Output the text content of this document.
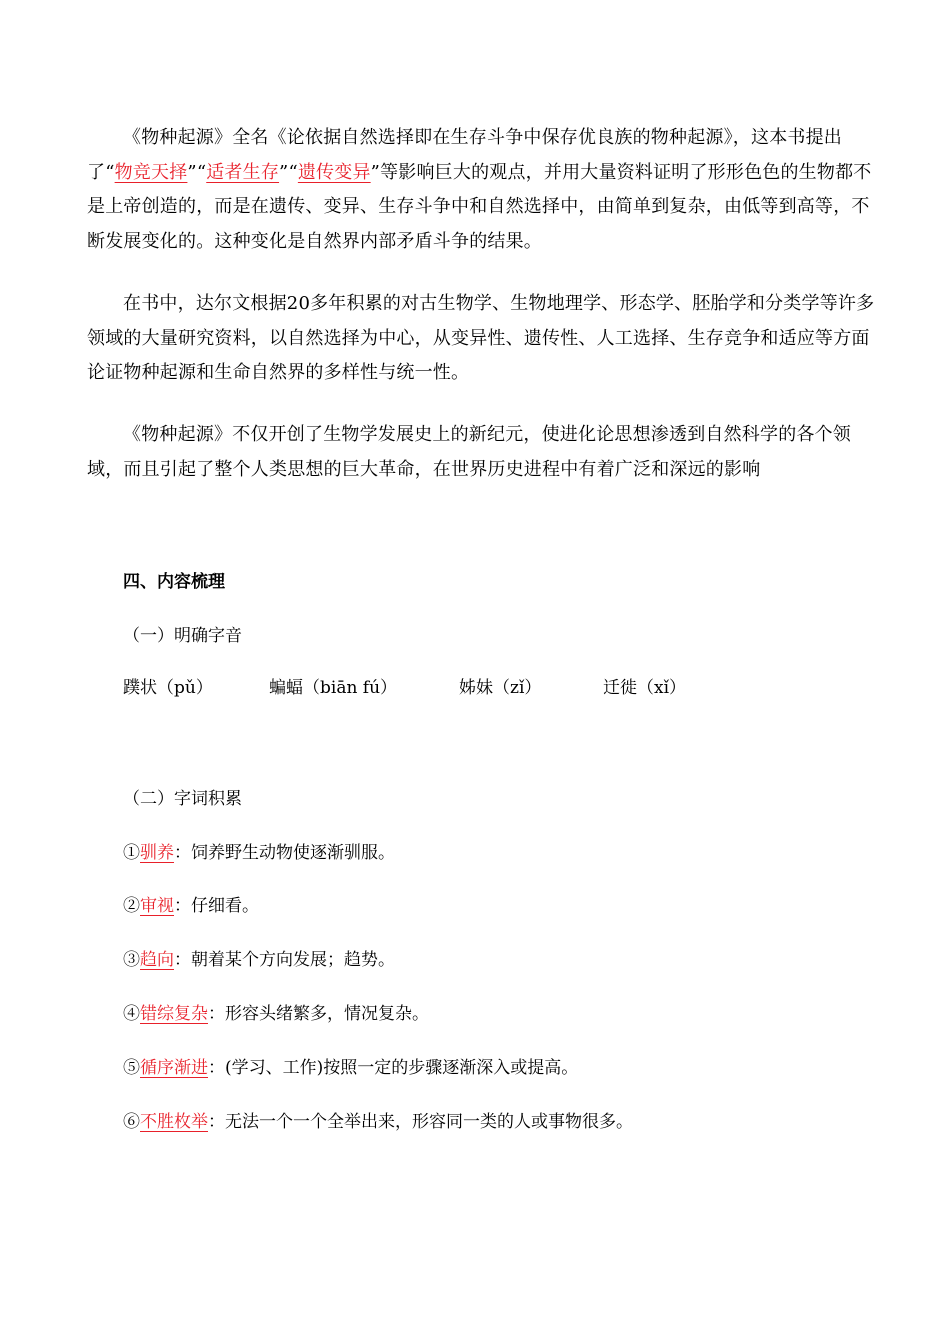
《物种起源》全名《论依据自然选择即在生存斗争中保存优良族的物种起源》，这本书提出了“物竞天择”“适者生存”“遗传变异”等影响巨大的观点，并用大量资料证明了形形色色的生物都不是上帝创造的，而是在遗传、变异、生存斗争中和自然选择中，由简单到复杂，由低等到高等，不断发展变化的。这种变化是自然界内部矛盾斗争的结果。

在书中，达尔文根据20多年积累的对古生物学、生物地理学、形态学、胚胎学和分类学等许多领域的大量研究资料，以自然选择为中心，从变异性、遗传性、人工选择、生存竞争和适应等方面论证物种起源和生命自然界的多样性与统一性。

《物种起源》不仅开创了生物学发展史上的新纪元，使进化论思想渗透到自然科学的各个领域，而且引起了整个人类思想的巨大革命，在世界历史进程中有着广泛和深远的影响

四、内容梳理

（一）明确字音

蹼状（pǔ）	蝙蝠（biān fú）	姊妹（zǐ）	迁徙（xǐ）

（二）字词积累

①驯养：饲养野生动物使逐渐驯服。

②审视：仔细看。

③趋向：朝着某个方向发展；趋势。

④错综复杂：形容头绪繁多，情况复杂。

⑤循序渐进：(学习、工作)按照一定的步骤逐渐深入或提高。

⑥不胜枚举：无法一个一个全举出来，形容同一类的人或事物很多。
